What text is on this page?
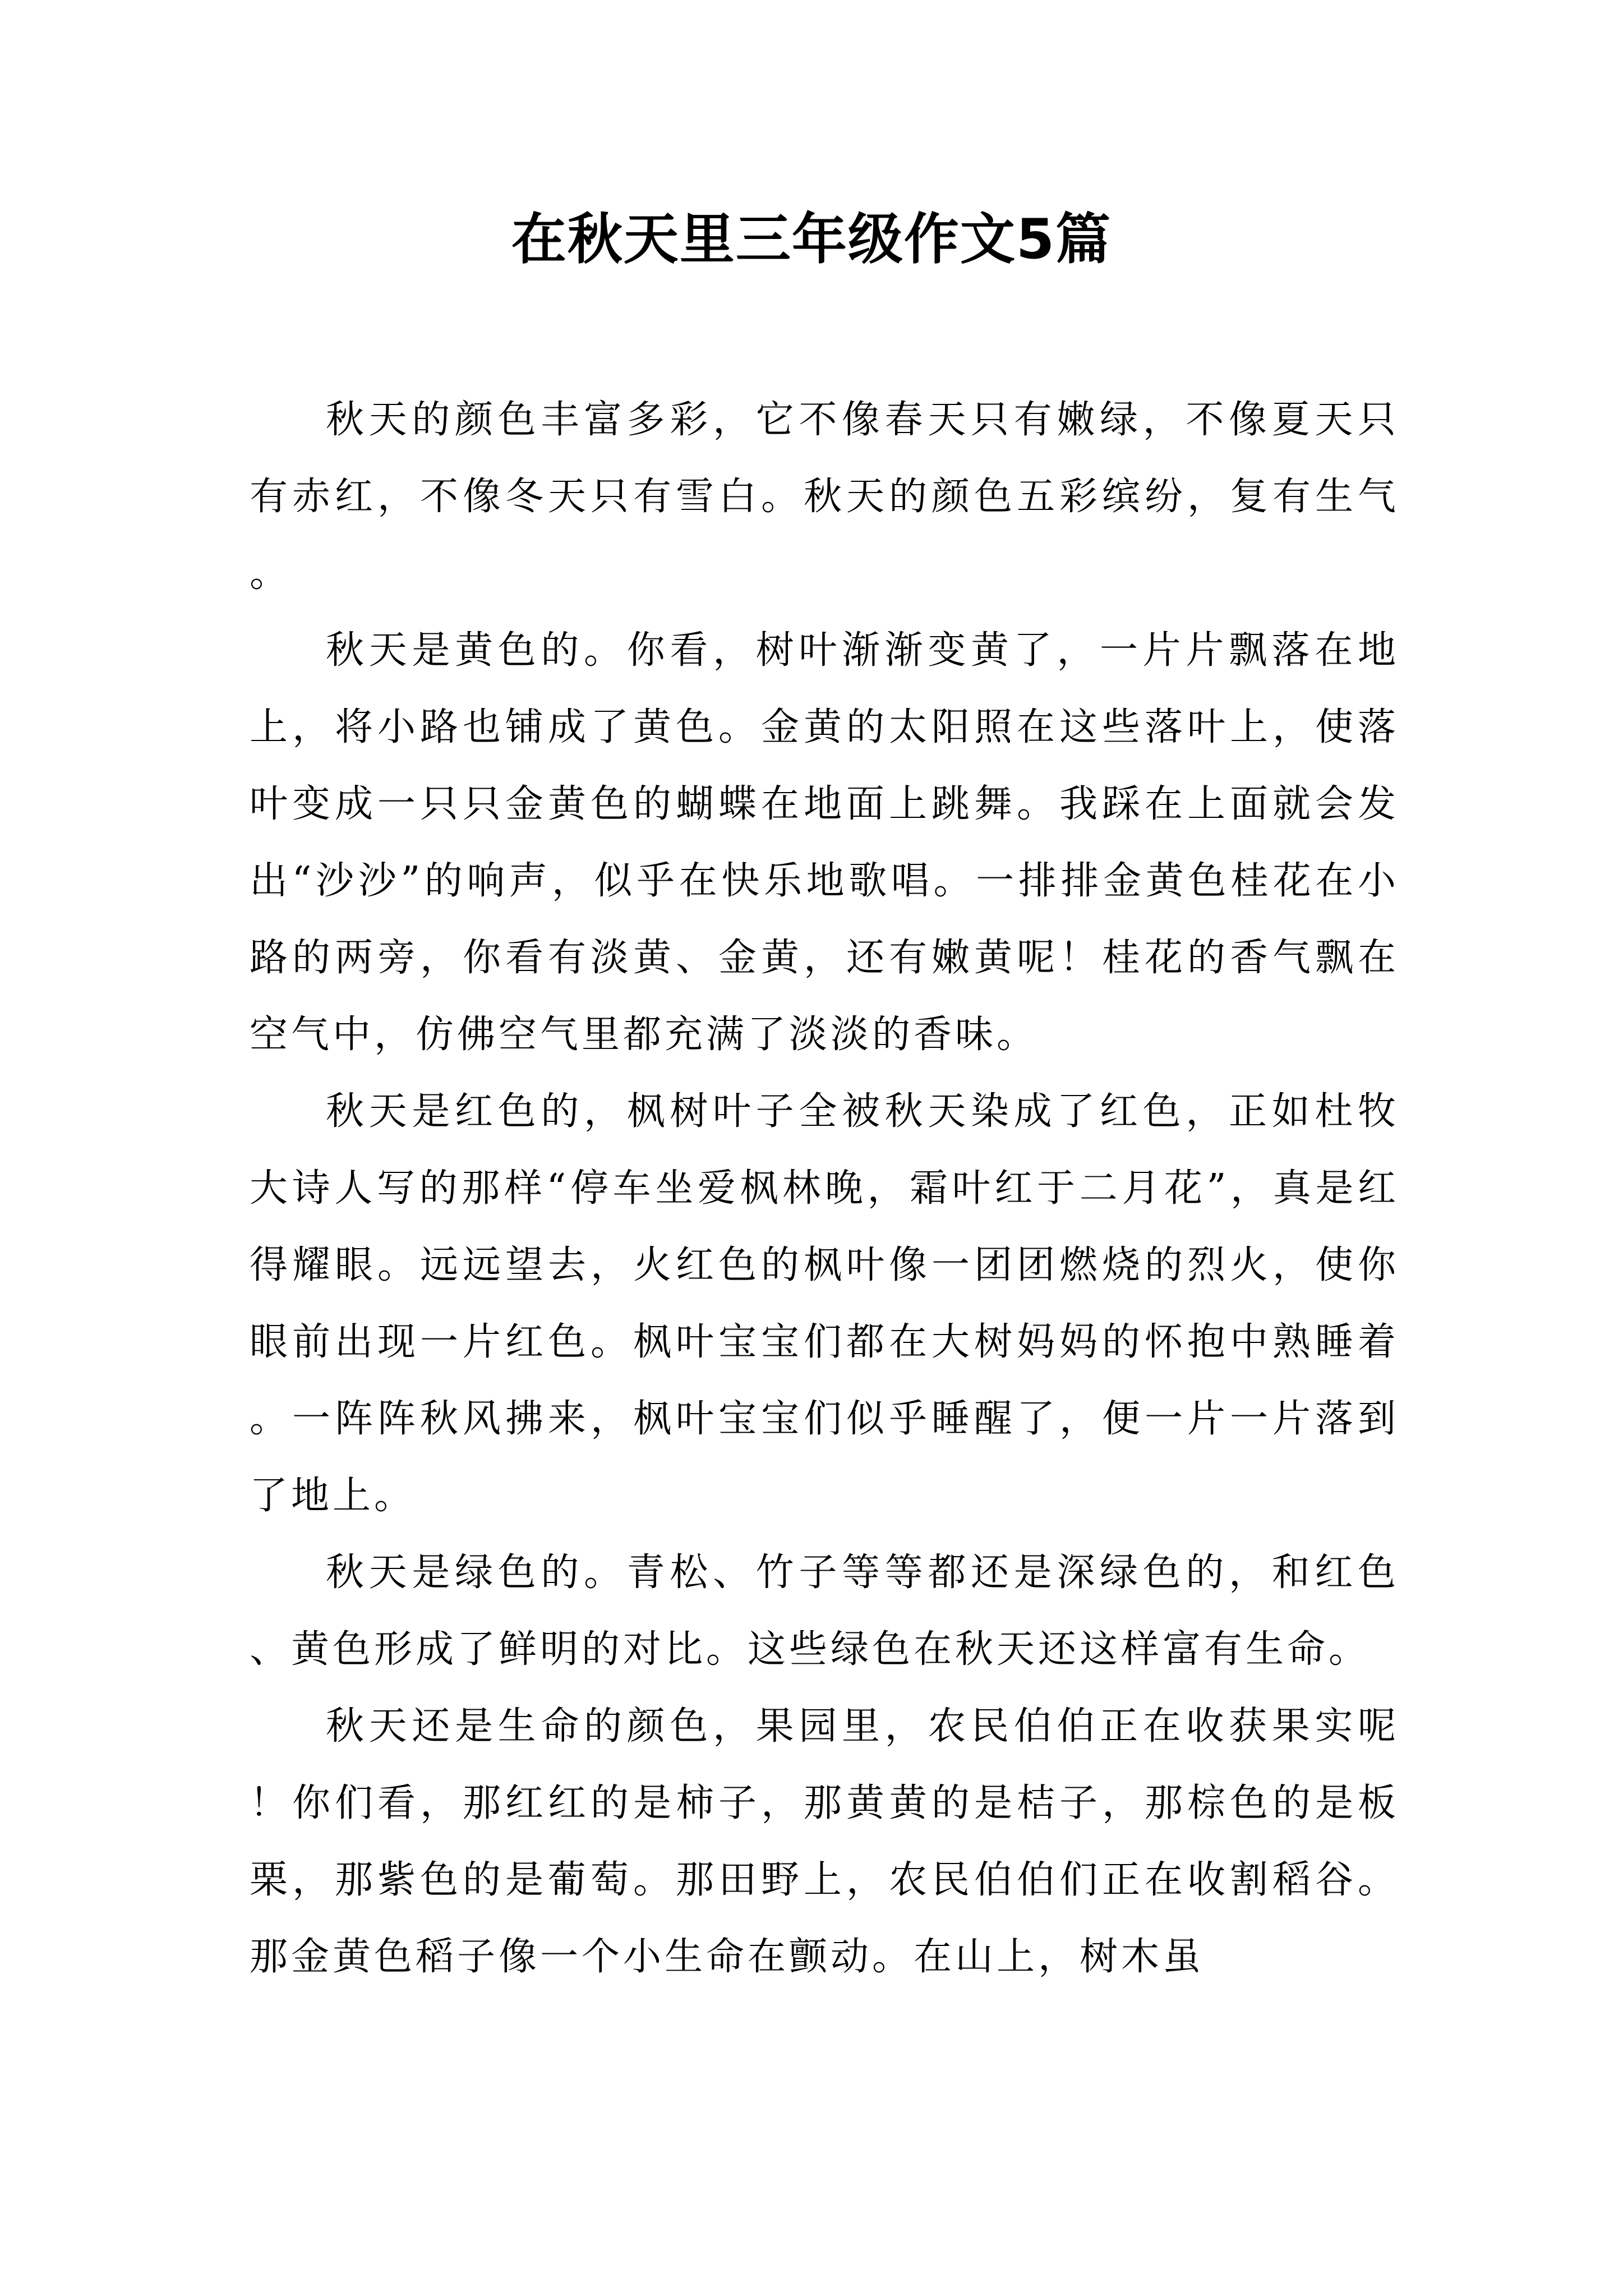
在秋天里三年级作文5篇

秋天的颜色丰富多彩，它不像春天只有嫩绿，不像夏天只有赤红，不像冬天只有雪白。秋天的颜色五彩缤纷，复有生气。

秋天是黄色的。你看，树叶渐渐变黄了，一片片飘落在地上，将小路也铺成了黄色。金黄的太阳照在这些落叶上，使落叶变成一只只金黄色的蝴蝶在地面上跳舞。我踩在上面就会发出“沙沙”的响声，似乎在快乐地歌唱。一排排金黄色桂花在小路的两旁，你看有淡黄、金黄，还有嫩黄呢！桂花的香气飘在空气中，仿佛空气里都充满了淡淡的香味。

秋天是红色的，枫树叶子全被秋天染成了红色，正如杜牧大诗人写的那样“停车坐爱枫林晚，霜叶红于二月花”，真是红得耀眼。远远望去，火红色的枫叶像一团团燃烧的烈火，使你眼前出现一片红色。枫叶宝宝们都在大树妈妈的怀抱中熟睡着。一阵阵秋风拂来，枫叶宝宝们似乎睡醒了，便一片一片落到了地上。

秋天是绿色的。青松、竹子等等都还是深绿色的，和红色、黄色形成了鲜明的对比。这些绿色在秋天还这样富有生命。

秋天还是生命的颜色，果园里，农民伯伯正在收获果实呢！你们看，那红红的是柿子，那黄黄的是桔子，那棕色的是板栗，那紫色的是葡萄。那田野上，农民伯伯们正在收割稻谷。那金黄色稻子像一个小生命在颤动。在山上，树木虽
